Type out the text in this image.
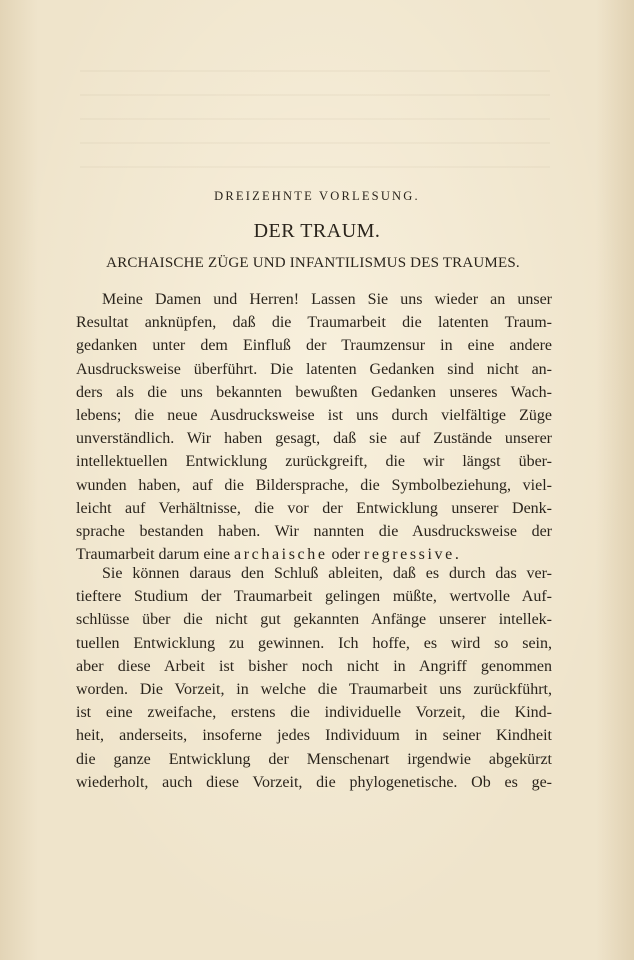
DREIZEHNTE VORLESUNG.
DER TRAUM.
ARCHAISCHE ZÜGE UND INFANTILISMUS DES TRAUMES.
Meine Damen und Herren! Lassen Sie uns wieder an unser
Resultat anknüpfen, daß die Traumarbeit die latenten Traum-
gedanken unter dem Einfluß der Traumzensur in eine andere
Ausdrucksweise überführt. Die latenten Gedanken sind nicht an-
ders als die uns bekannten bewußten Gedanken unseres Wach-
lebens; die neue Ausdrucksweise ist uns durch vielfältige Züge
unverständlich. Wir haben gesagt, daß sie auf Zustände unserer
intellektuellen Entwicklung zurückgreift, die wir längst über-
wunden haben, auf die Bildersprache, die Symbolbeziehung, viel-
leicht auf Verhältnisse, die vor der Entwicklung unserer Denk-
sprache bestanden haben. Wir nannten die Ausdrucksweise der
Traumarbeit darum eine archaische oder regressive.
Sie können daraus den Schluß ableiten, daß es durch das ver-
tieftere Studium der Traumarbeit gelingen müßte, wertvolle Auf-
schlüsse über die nicht gut gekannten Anfänge unserer intellek-
tuellen Entwicklung zu gewinnen. Ich hoffe, es wird so sein,
aber diese Arbeit ist bisher noch nicht in Angriff genommen
worden. Die Vorzeit, in welche die Traumarbeit uns zurückführt,
ist eine zweifache, erstens die individuelle Vorzeit, die Kind-
heit, anderseits, insoferne jedes Individuum in seiner Kindheit
die ganze Entwicklung der Menschenart irgendwie abgekürzt
wiederholt, auch diese Vorzeit, die phylogenetische. Ob es ge-
